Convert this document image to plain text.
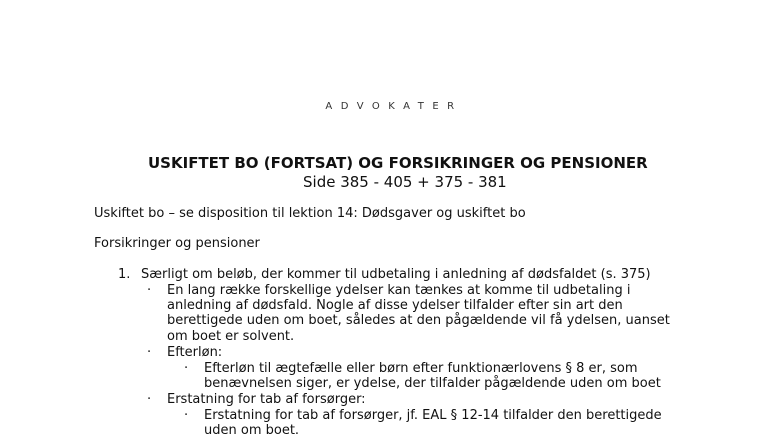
ADVOKATER
USKIFTET BO (FORTSAT) OG FORSIKRINGER OG PENSIONER
Side 385 - 405 + 375 - 381
Uskiftet bo – se disposition til lektion 14: Dødsgaver og uskiftet bo
Forsikringer og pensioner
1. Særligt om beløb, der kommer til udbetaling i anledning af dødsfaldet (s. 375)
· En lang række forskellige ydelser kan tænkes at komme til udbetaling i
anledning af dødsfald. Nogle af disse ydelser tilfalder efter sin art den
berettigede uden om boet, således at den pågældende vil få ydelsen, uanset
om boet er solvent.
· Efterløn:
· Efterløn til ægtefælle eller børn efter funktionærlovens § 8 er, som
benævnelsen siger, er ydelse, der tilfalder pågældende uden om boet
· Erstatning for tab af forsørger:
· Erstatning for tab af forsørger, jf. EAL § 12-14 tilfalder den berettigede
uden om boet.
